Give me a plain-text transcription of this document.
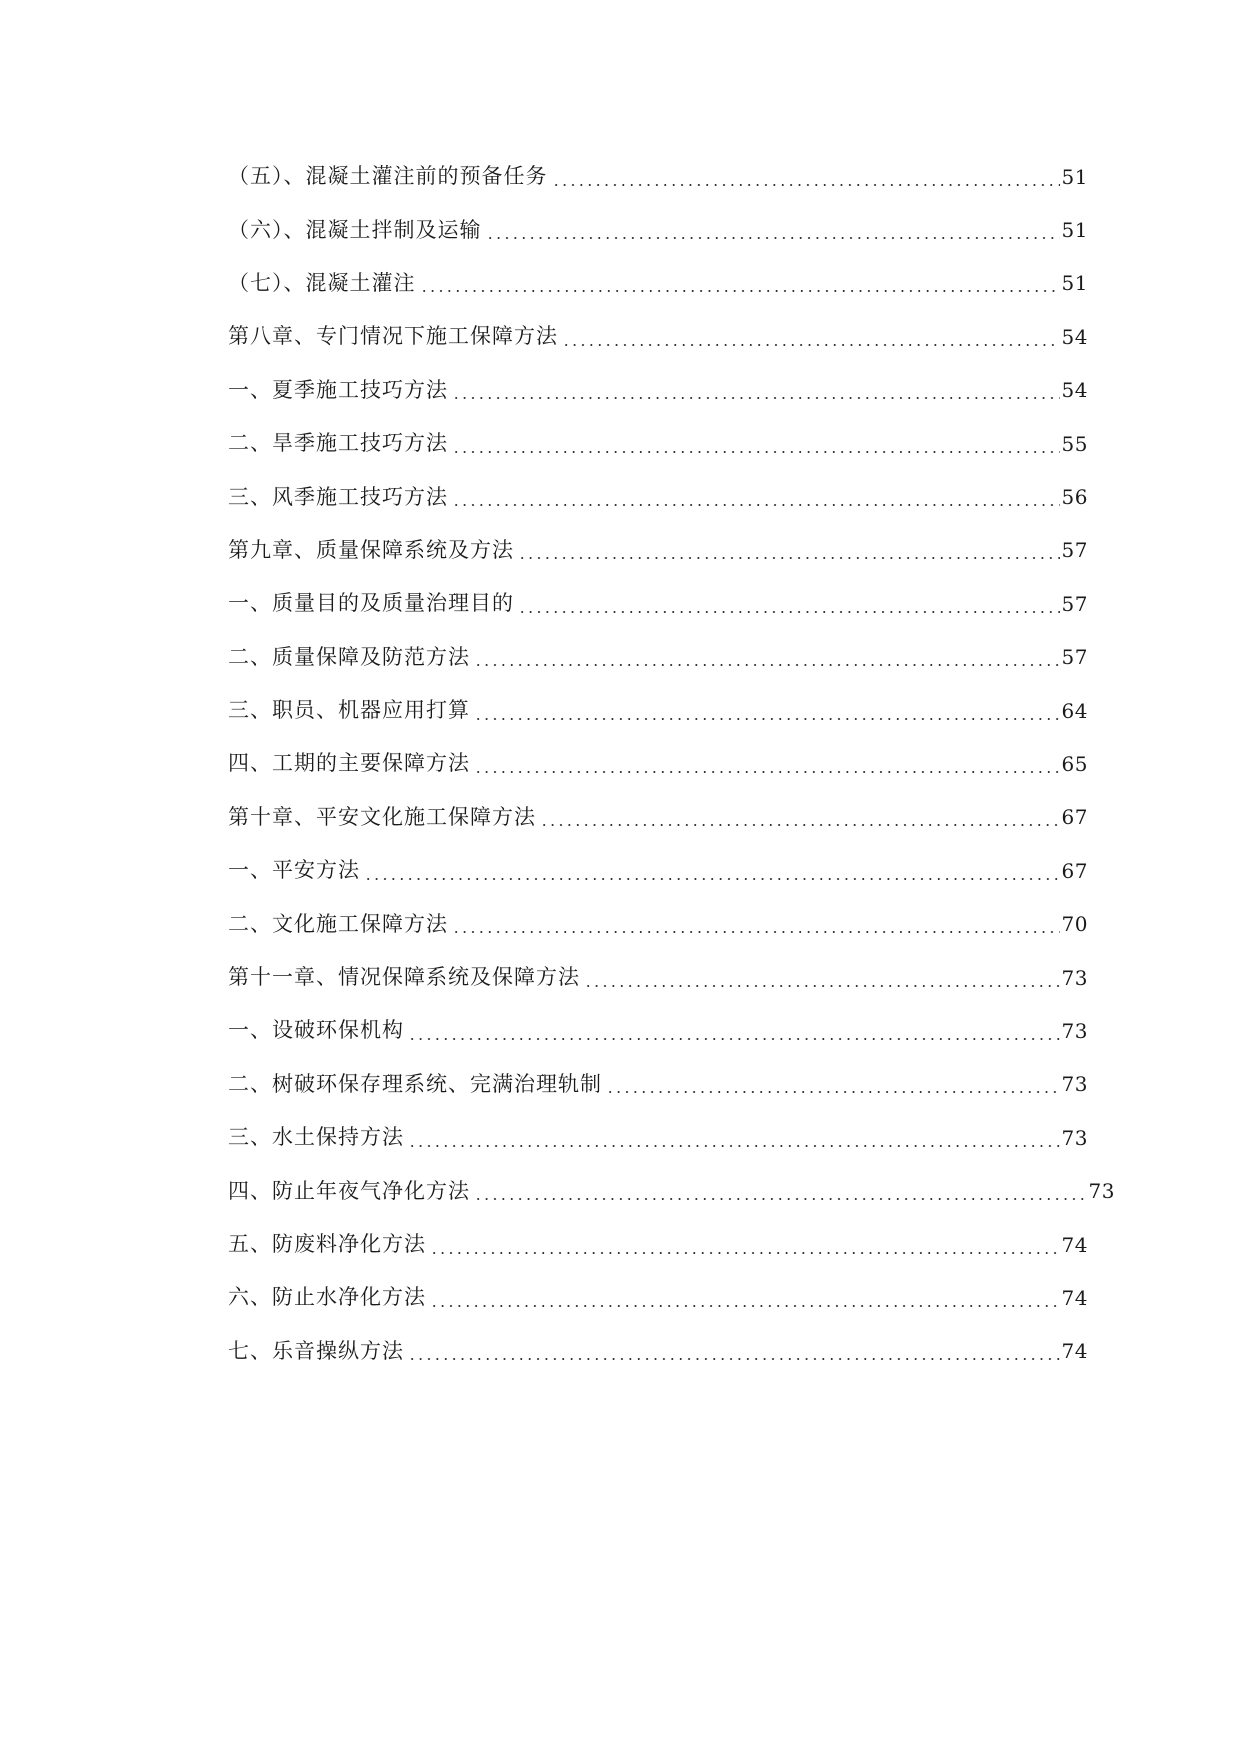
（五）、混凝土灌注前的预备任务	51
（六）、混凝土拌制及运输	51
（七）、混凝土灌注	51
第八章、专门情况下施工保障方法	54
一、夏季施工技巧方法	54
二、旱季施工技巧方法	55
三、风季施工技巧方法	56
第九章、质量保障系统及方法	57
一、质量目的及质量治理目的	57
二、质量保障及防范方法	57
三、职员、机器应用打算	64
四、工期的主要保障方法	65
第十章、平安文化施工保障方法	67
一、平安方法	67
二、文化施工保障方法	70
第十一章、情况保障系统及保障方法	73
一、设破环保机构	73
二、树破环保存理系统、完满治理轨制	73
三、水土保持方法	73
四、防止年夜气净化方法	73
五、防废料净化方法	74
六、防止水净化方法	74
七、乐音操纵方法	74
